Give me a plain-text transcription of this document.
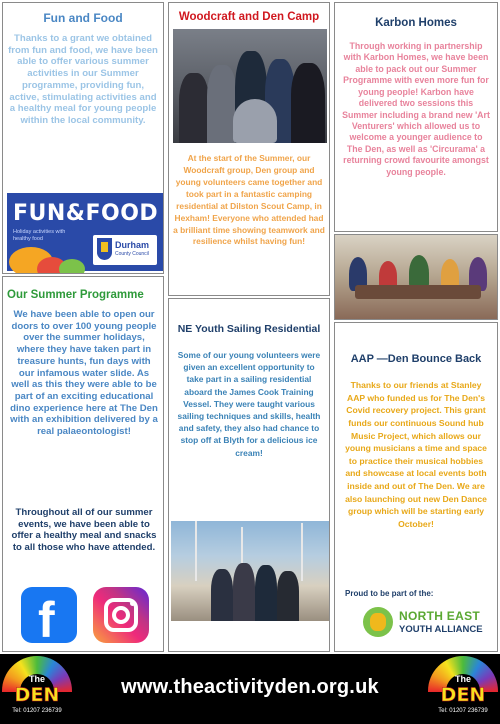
Fun and Food
Thanks to a grant we obtained from fun and food, we have been able to offer various summer activities in our Summer programme, providing fun, active, stimulating activities and a healthy meal for young people within the local community.
FUN&FOOD
Holiday activities with healthy food
Durham
County Council
Our Summer Programme
We have been able to open our doors to over 100 young people over the summer holidays, where they have taken part in treasure hunts, fun days with our infamous water slide. As well as this they were able to be part of an exciting educational dino experience here at The Den with an exhibition delivered by a real palaeontologist!
Throughout all of our summer events, we have been able to offer a healthy meal and snacks to all those who have attended.
f
Woodcraft and Den Camp
At the start of the Summer, our Woodcraft group, Den group and young volunteers came together and took part in a fantastic camping residential at Dilston Scout Camp, in Hexham! Everyone who attended had a brilliant time showing teamwork and resilience whilst having fun!
NE Youth Sailing Residential
Some of our young volunteers were given an excellent opportunity to take part in a sailing residential aboard the James Cook Training Vessel. They were taught various sailing techniques and skills, health and safety, they also had chance to stop off at Blyth for a delicious ice cream!
Karbon Homes
Through working in partnership with Karbon Homes, we have been able to pack out our Summer Programme with even more fun for young people! Karbon have delivered two sessions this Summer including a brand new 'Art Venturers' which allowed us to welcome a younger audience to The Den, as well as 'Circurama' a returning crowd favourite amongst young people.
AAP —Den Bounce Back
Thanks to our friends at Stanley AAP who funded us for The Den's Covid recovery project. This grant funds our continuous Sound hub Music Project, which allows our young musicians a time and space to practice their musical hobbies and showcase at local events both inside and out of The Den. We are also launching out new Den Dance group which will be starting early October!
Proud to be part of the:
NORTH EAST
YOUTH ALLIANCE
The
DEN
Tel: 01207 236739
www.theactivityden.org.uk	The
DEN
Tel: 01207 236739
